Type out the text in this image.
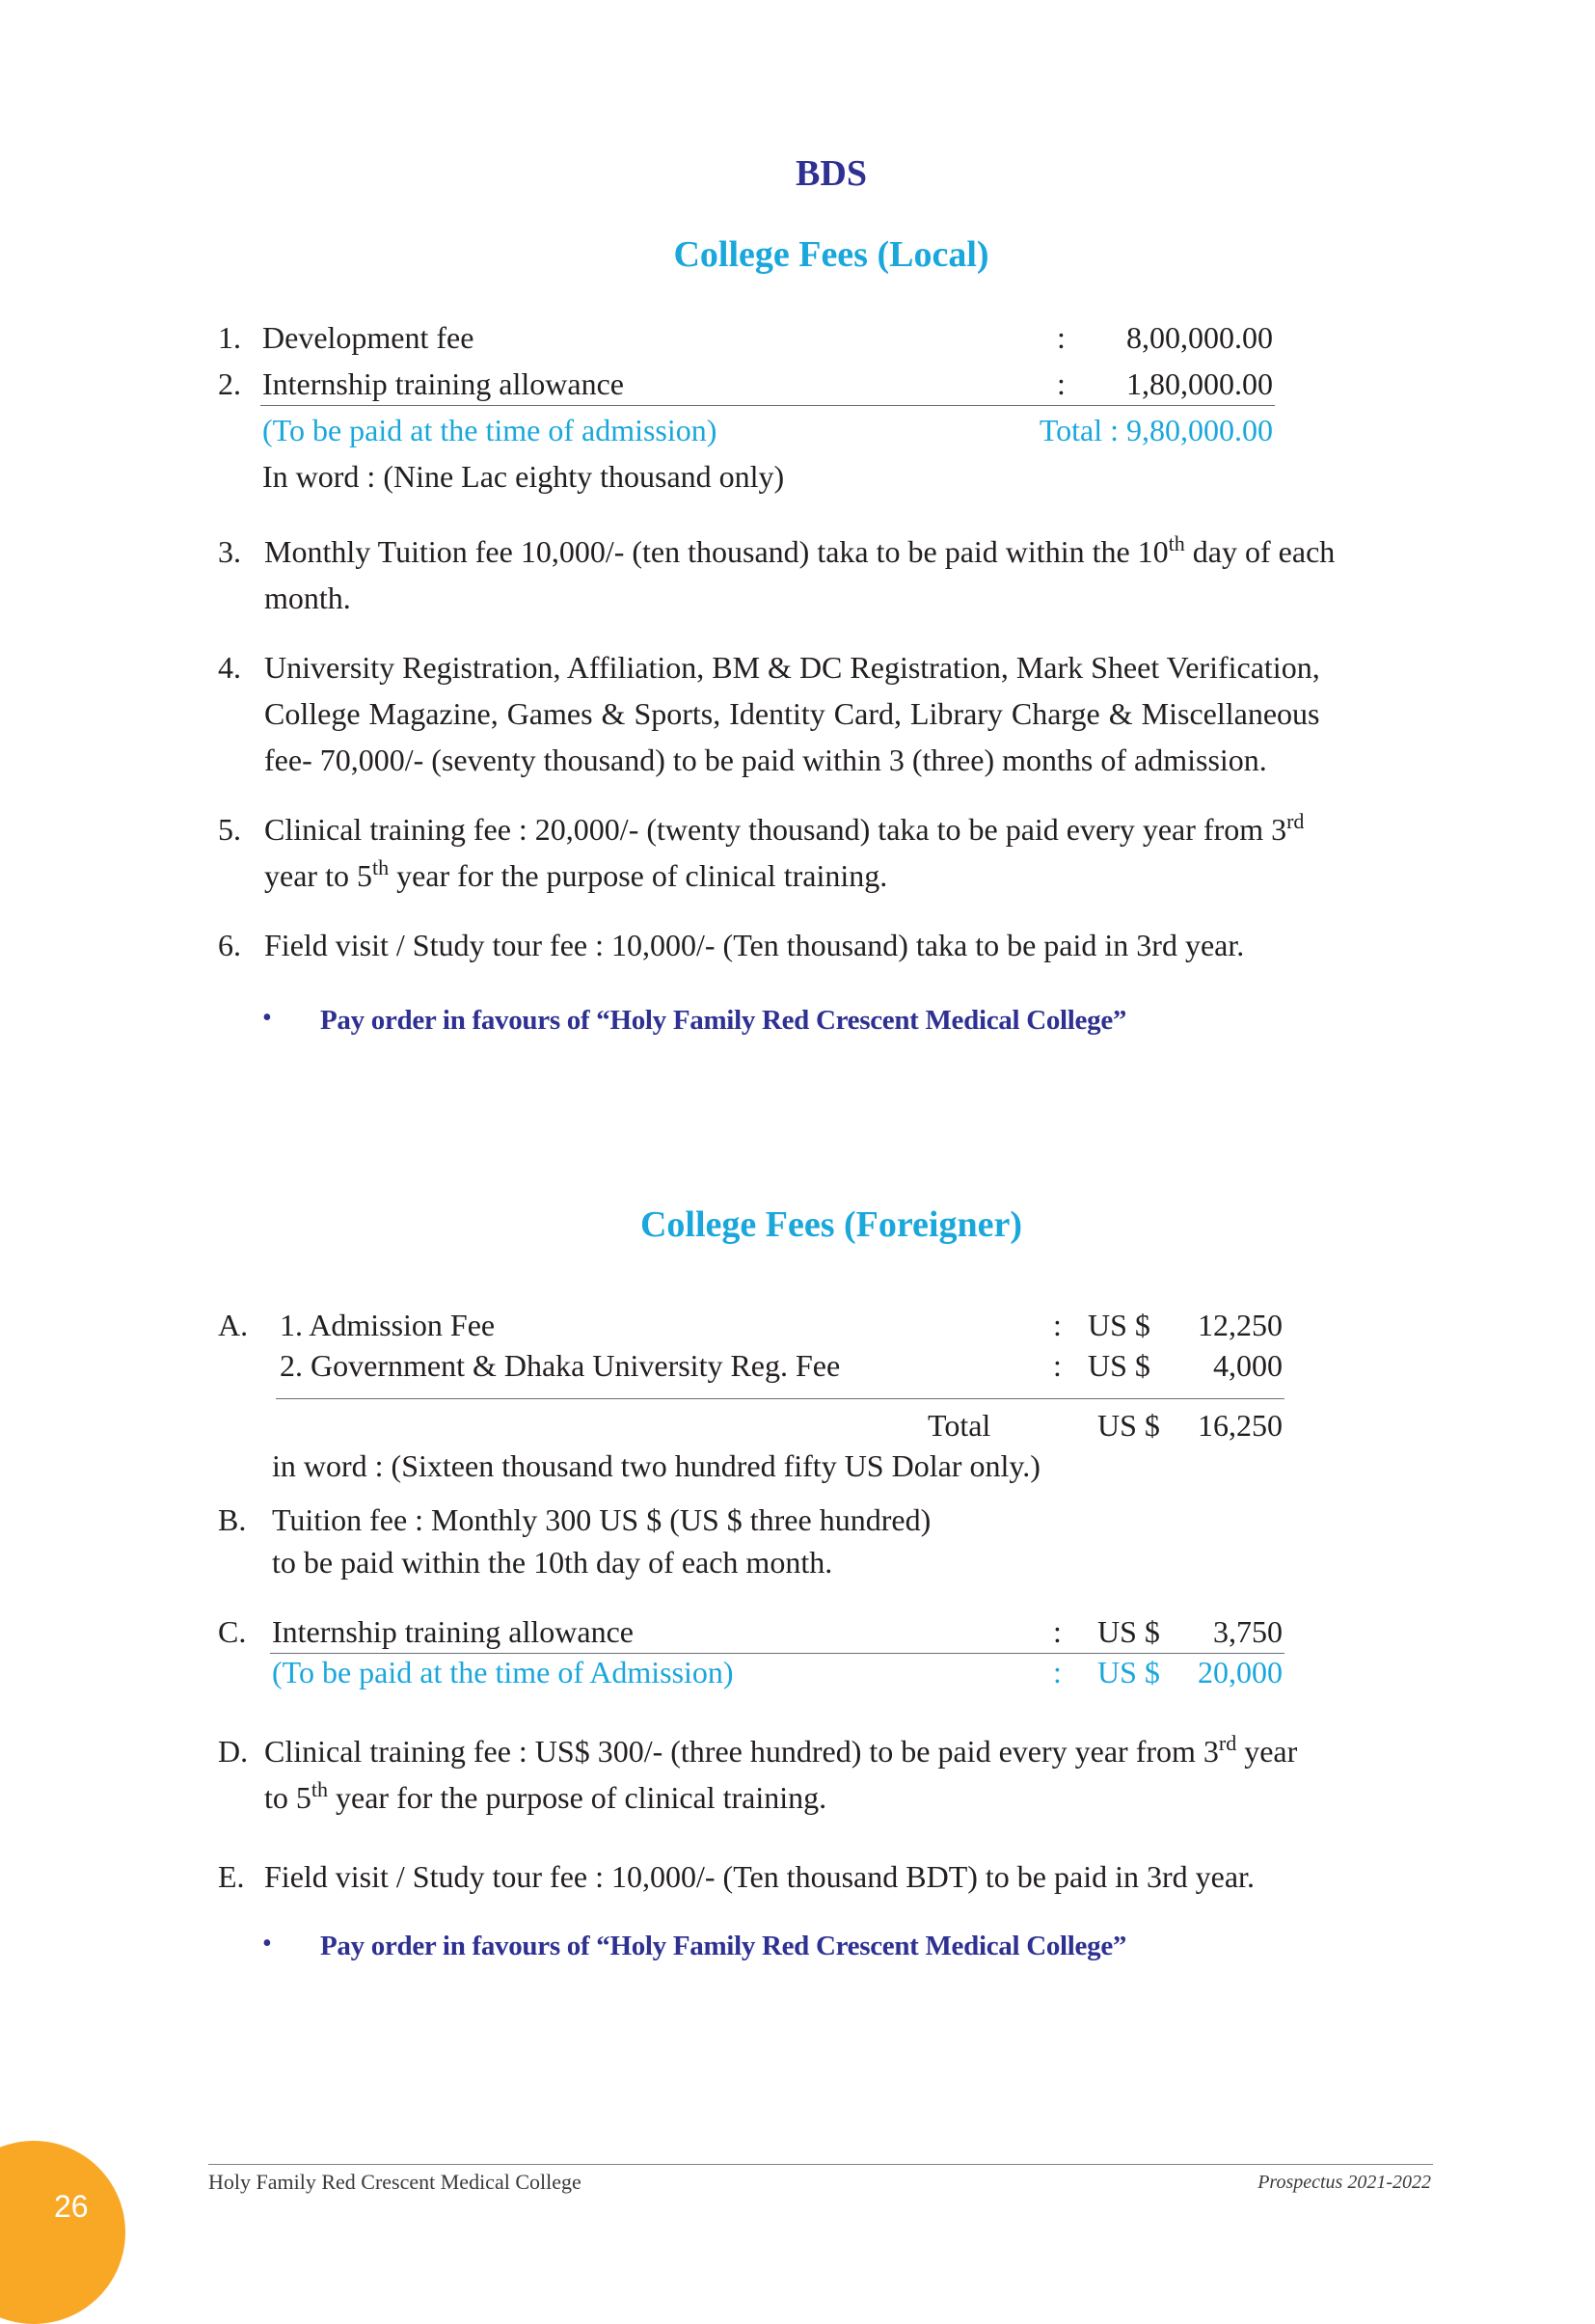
BDS
College Fees (Local)
1. Development fee	:	8,00,000.00
2. Internship training allowance	:	1,80,000.00
(To be paid at the time of admission)	Total : 9,80,000.00
In word : (Nine Lac eighty thousand only)
3. Monthly Tuition fee 10,000/- (ten thousand) taka to be paid within the 10th day of each
month.
4. University Registration, Affiliation, BM & DC Registration, Mark Sheet Verification,
College Magazine, Games & Sports, Identity Card, Library Charge & Miscellaneous
fee- 70,000/- (seventy thousand) to be paid within 3 (three) months of admission.
5. Clinical training fee : 20,000/- (twenty thousand) taka to be paid every year from 3rd
year to 5th year for the purpose of clinical training.
6. Field visit / Study tour fee : 10,000/- (Ten thousand) taka to be paid in 3rd year.
• Pay order in favours of “Holy Family Red Crescent Medical College”
College Fees (Foreigner)
A. 1. Admission Fee	: US $	12,250
2. Government & Dhaka University Reg. Fee	: US $	4,000
Total	US $	16,250
in word : (Sixteen thousand two hundred fifty US Dolar only.)
B. Tuition fee : Monthly 300 US $ (US $ three hundred)
to be paid within the 10th day of each month.
C. Internship training allowance	: US $	3,750
(To be paid at the time of Admission)	: US $	20,000
D. Clinical training fee : US$ 300/- (three hundred) to be paid every year from 3rd year
to 5th year for the purpose of clinical training.
E. Field visit / Study tour fee : 10,000/- (Ten thousand BDT) to be paid in 3rd year.
• Pay order in favours of “Holy Family Red Crescent Medical College”
Holy Family Red Crescent Medical College	Prospectus 2021-2022
26
